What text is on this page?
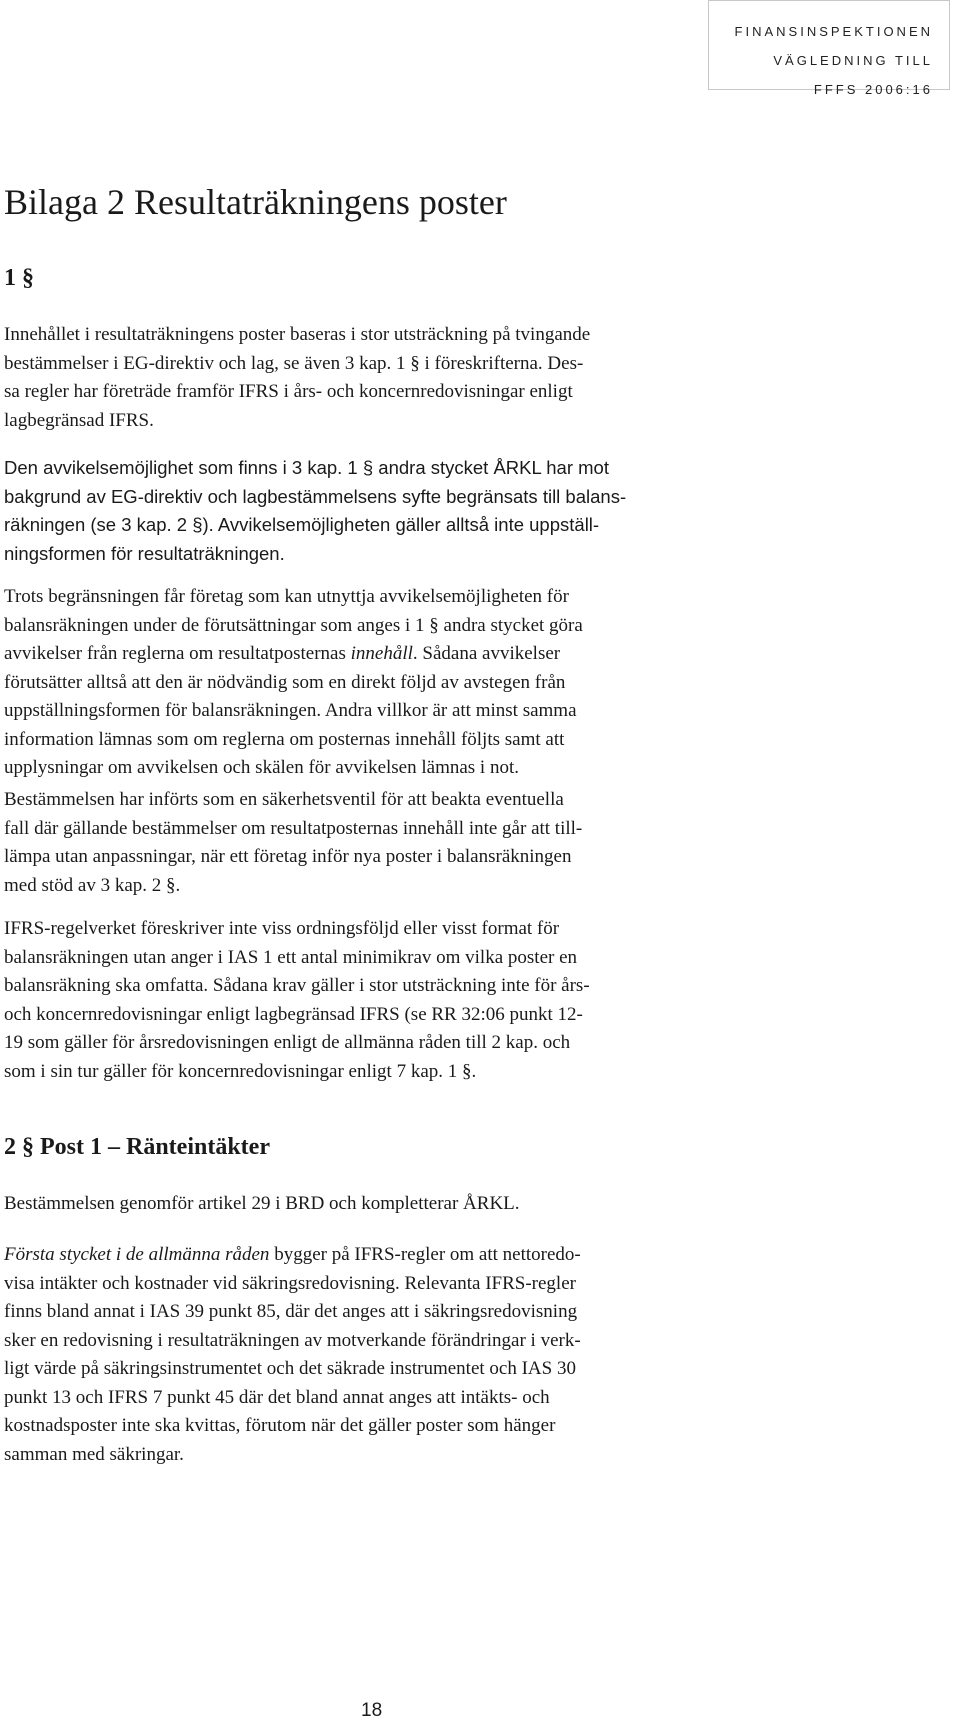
FINANSINSPEKTIONEN
VÄGLEDNING TILL
FFFS 2006:16
Bilaga 2 Resultaträkningens poster
1 §

Innehållet i resultaträkningens poster baseras i stor utsträckning på tvingande
bestämmelser i EG-direktiv och lag, se även 3 kap. 1 § i föreskrifterna. Des-
sa regler har företräde framför IFRS i års- och koncernredovisningar enligt
lagbegränsad IFRS.

Den avvikelsemöjlighet som finns i 3 kap. 1 § andra stycket ÅRKL har mot
bakgrund av EG-direktiv och lagbestämmelsens syfte begränsats till balans-
räkningen (se 3 kap. 2 §). Avvikelsemöjligheten gäller alltså inte uppställ-
ningsformen för resultaträkningen.

Trots begränsningen får företag som kan utnyttja avvikelsemöjligheten för
balansräkningen under de förutsättningar som anges i 1 § andra stycket göra
avvikelser från reglerna om resultatposternas innehåll. Sådana avvikelser
förutsätter alltså att den är nödvändig som en direkt följd av avstegen från
uppställningsformen för balansräkningen. Andra villkor är att minst samma
information lämnas som om reglerna om posternas innehåll följts samt att
upplysningar om avvikelsen och skälen för avvikelsen lämnas i not.

Bestämmelsen har införts som en säkerhetsventil för att beakta eventuella
fall där gällande bestämmelser om resultatposternas innehåll inte går att till-
lämpa utan anpassningar, när ett företag inför nya poster i balansräkningen
med stöd av 3 kap. 2 §.

IFRS-regelverket föreskriver inte viss ordningsföljd eller visst format för
balansräkningen utan anger i IAS 1 ett antal minimikrav om vilka poster en
balansräkning ska omfatta. Sådana krav gäller i stor utsträckning inte för års-
och koncernredovisningar enligt lagbegränsad IFRS (se RR 32:06 punkt 12-
19 som gäller för årsredovisningen enligt de allmänna råden till 2 kap. och
som i sin tur gäller för koncernredovisningar enligt 7 kap. 1 §.

2 § Post 1 – Ränteintäkter

Bestämmelsen genomför artikel 29 i BRD och kompletterar ÅRKL.

Första stycket i de allmänna råden bygger på IFRS-regler om att nettoredo-
visa intäkter och kostnader vid säkringsredovisning. Relevanta IFRS-regler
finns bland annat i IAS 39 punkt 85, där det anges att i säkringsredovisning
sker en redovisning i resultaträkningen av motverkande förändringar i verk-
ligt värde på säkringsinstrumentet och det säkrade instrumentet och IAS 30
punkt 13 och IFRS 7 punkt 45 där det bland annat anges att intäkts- och
kostnadsposter inte ska kvittas, förutom när det gäller poster som hänger
samman med säkringar.

18
